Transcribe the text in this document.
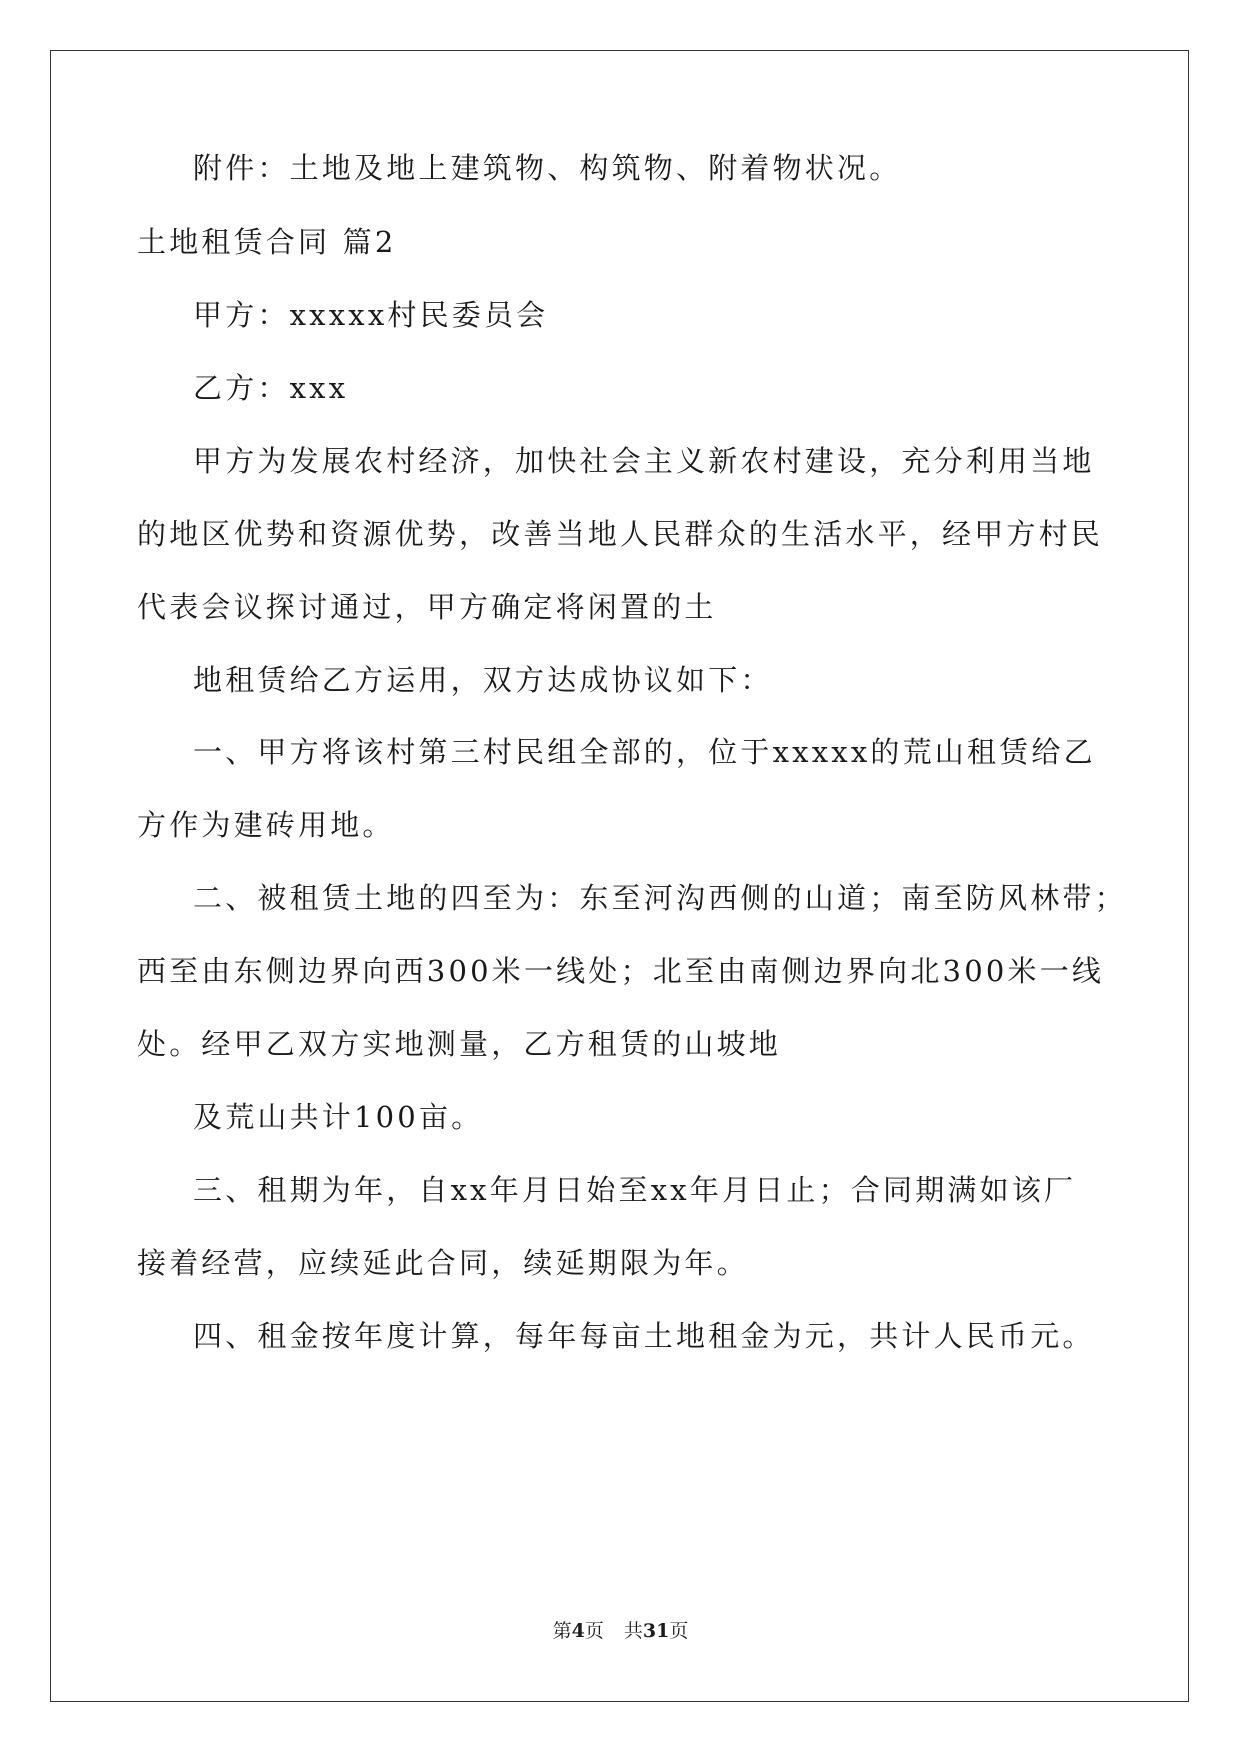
附件：土地及地上建筑物、构筑物、附着物状况。
土地租赁合同 篇2
甲方：xxxxx村民委员会
乙方：xxx
甲方为发展农村经济，加快社会主义新农村建设，充分利用当地
的地区优势和资源优势，改善当地人民群众的生活水平，经甲方村民
代表会议探讨通过，甲方确定将闲置的土
地租赁给乙方运用，双方达成协议如下：
一、甲方将该村第三村民组全部的，位于xxxxx的荒山租赁给乙
方作为建砖用地。
二、被租赁土地的四至为：东至河沟西侧的山道；南至防风林带；
西至由东侧边界向西300米一线处；北至由南侧边界向北300米一线
处。经甲乙双方实地测量，乙方租赁的山坡地
及荒山共计100亩。
三、租期为年，自xx年月日始至xx年月日止；合同期满如该厂
接着经营，应续延此合同，续延期限为年。
四、租金按年度计算，每年每亩土地租金为元，共计人民币元。
第4页 共31页
